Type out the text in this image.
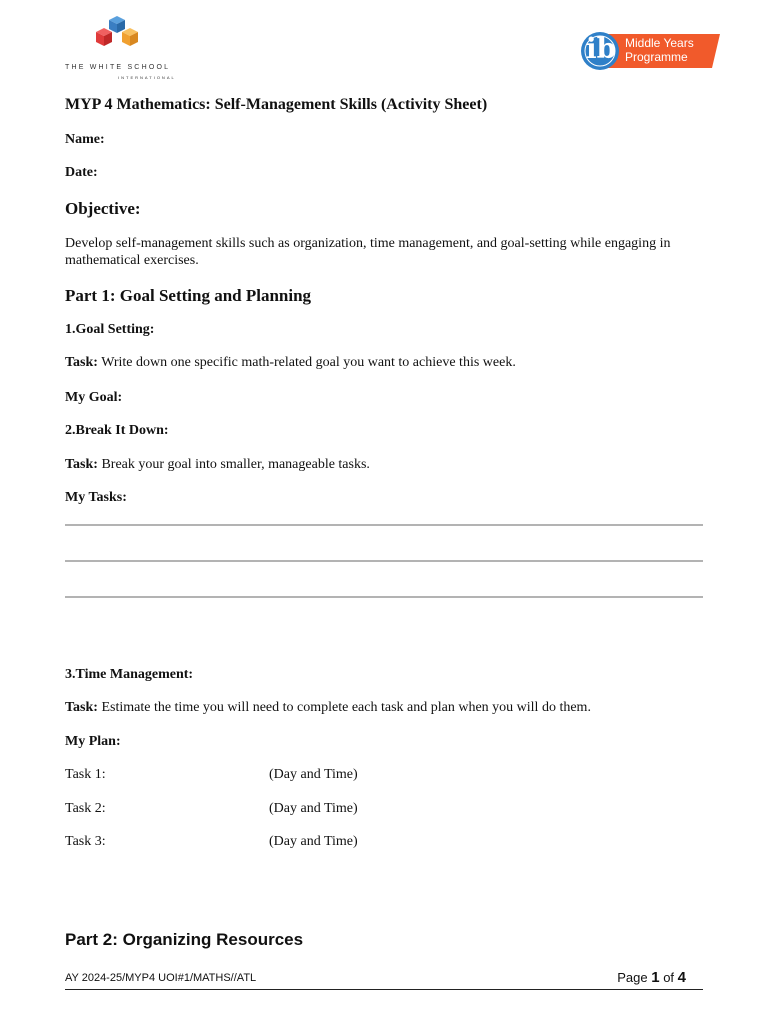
THE WHITE SCHOOL
INTERNATIONAL
ib Middle Years
Programme
MYP 4 Mathematics: Self-Management Skills (Activity Sheet)
Name:
Date:
Objective:
Develop self-management skills such as organization, time management, and goal-setting while engaging in mathematical exercises.
Part 1: Goal Setting and Planning
1.Goal Setting:
Task: Write down one specific math-related goal you want to achieve this week.
My Goal:
2.Break It Down:
Task: Break your goal into smaller, manageable tasks.
My Tasks:
3.Time Management:
Task: Estimate the time you will need to complete each task and plan when you will do them.
My Plan:
Task 1:	(Day and Time)
Task 2:	(Day and Time)
Task 3:	(Day and Time)
Part 2: Organizing Resources
AY 2024-25/MYP4 UOI#1/MATHS//ATL	Page 1 of 4
